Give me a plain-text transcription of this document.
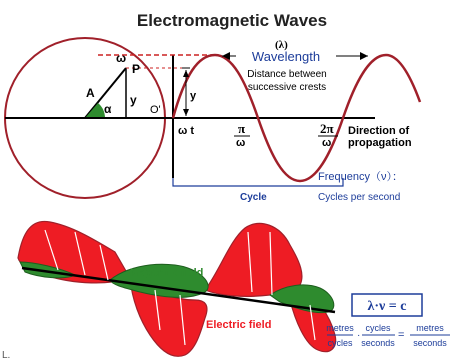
Electromagnetic Waves
ω
P
A
α
y
O'
y
ω t	π
ω
2π
ω
(λ)
Wavelength
Distance between
successive crests
Direction of
propagation
Frequency（ν）：
Cycles per second
Cycle
Magentic field
Electric field
λ·ν = c
metres
cycles
·
cycles
seconds
=
metres
seconds
L.
